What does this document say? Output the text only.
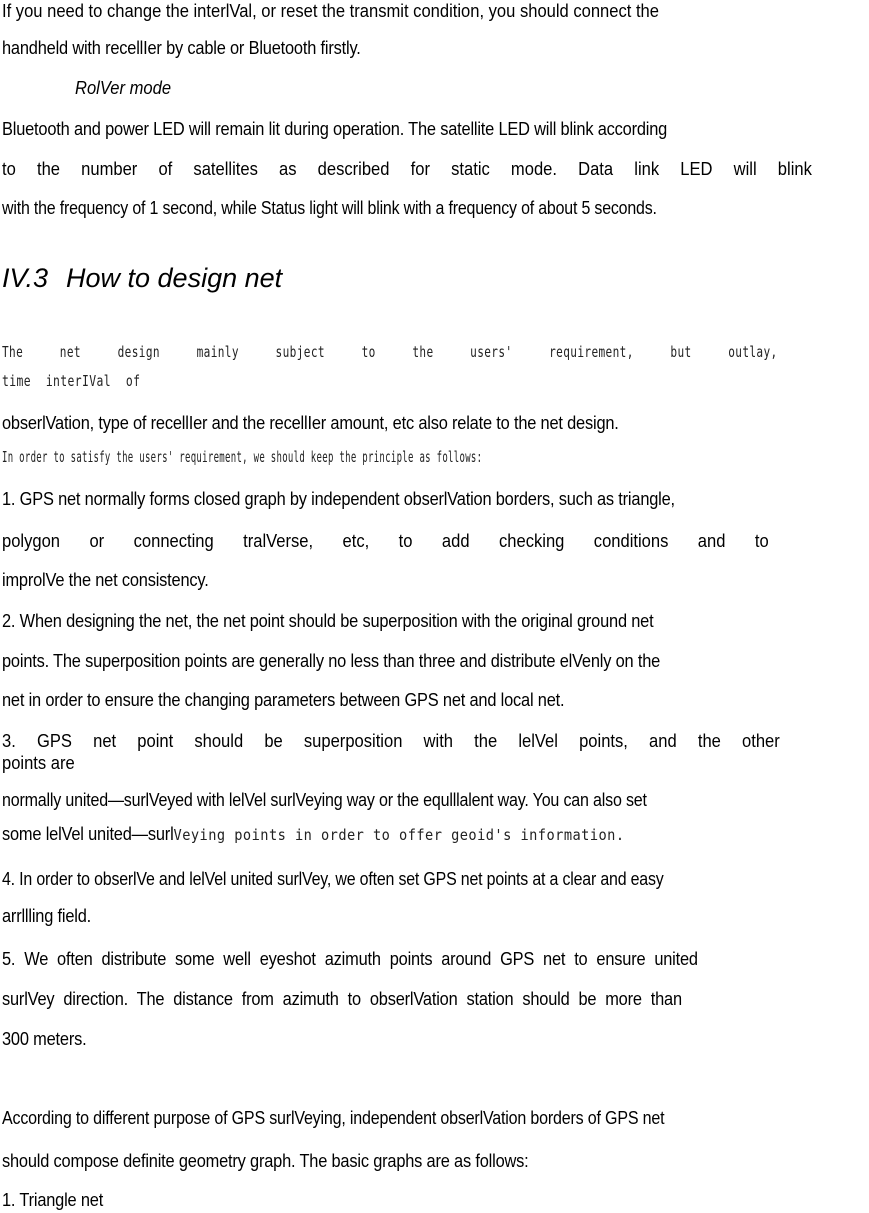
If you need to change the interlVal, or reset the transmit condition, you should connect the
handheld with recellIer by cable or Bluetooth firstly.
RolVer mode
Bluetooth and power LED will remain lit during operation. The satellite LED will blink according
to the number of satellites as described for static mode. Data link LED will blink
with the frequency of 1 second, while Status light will blink with a frequency of about 5 seconds.
IV.3 How to design net
The net design mainly subject to the users' requirement, but outlay,
time interIVal of
obserlVation, type of recellIer and the recellIer amount, etc also relate to the net design.
In order to satisfy the users' requirement, we should keep the principle as follows:
1. GPS net normally forms closed graph by independent obserlVation borders, such as triangle,
polygon or connecting tralVerse, etc, to add checking conditions and to
improlVe the net consistency.
2. When designing the net, the net point should be superposition with the original ground net
points. The superposition points are generally no less than three and distribute elVenly on the
net in order to ensure the changing parameters between GPS net and local net.
3. GPS net point should be superposition with the lelVel points, and the other
points are
normally united—surlVeyed with lelVel surlVeying way or the equlllalent way. You can also set
some lelVel united—surlVeying points in order to offer geoid's information.
4. In order to obserlVe and lelVel united surlVey, we often set GPS net points at a clear and easy
arrllling field.
5. We often distribute some well eyeshot azimuth points around GPS net to ensure united
surlVey direction. The distance from azimuth to obserlVation station should be more than
300 meters.
According to different purpose of GPS surlVeying, independent obserlVation borders of GPS net
should compose definite geometry graph. The basic graphs are as follows:
1. Triangle net
